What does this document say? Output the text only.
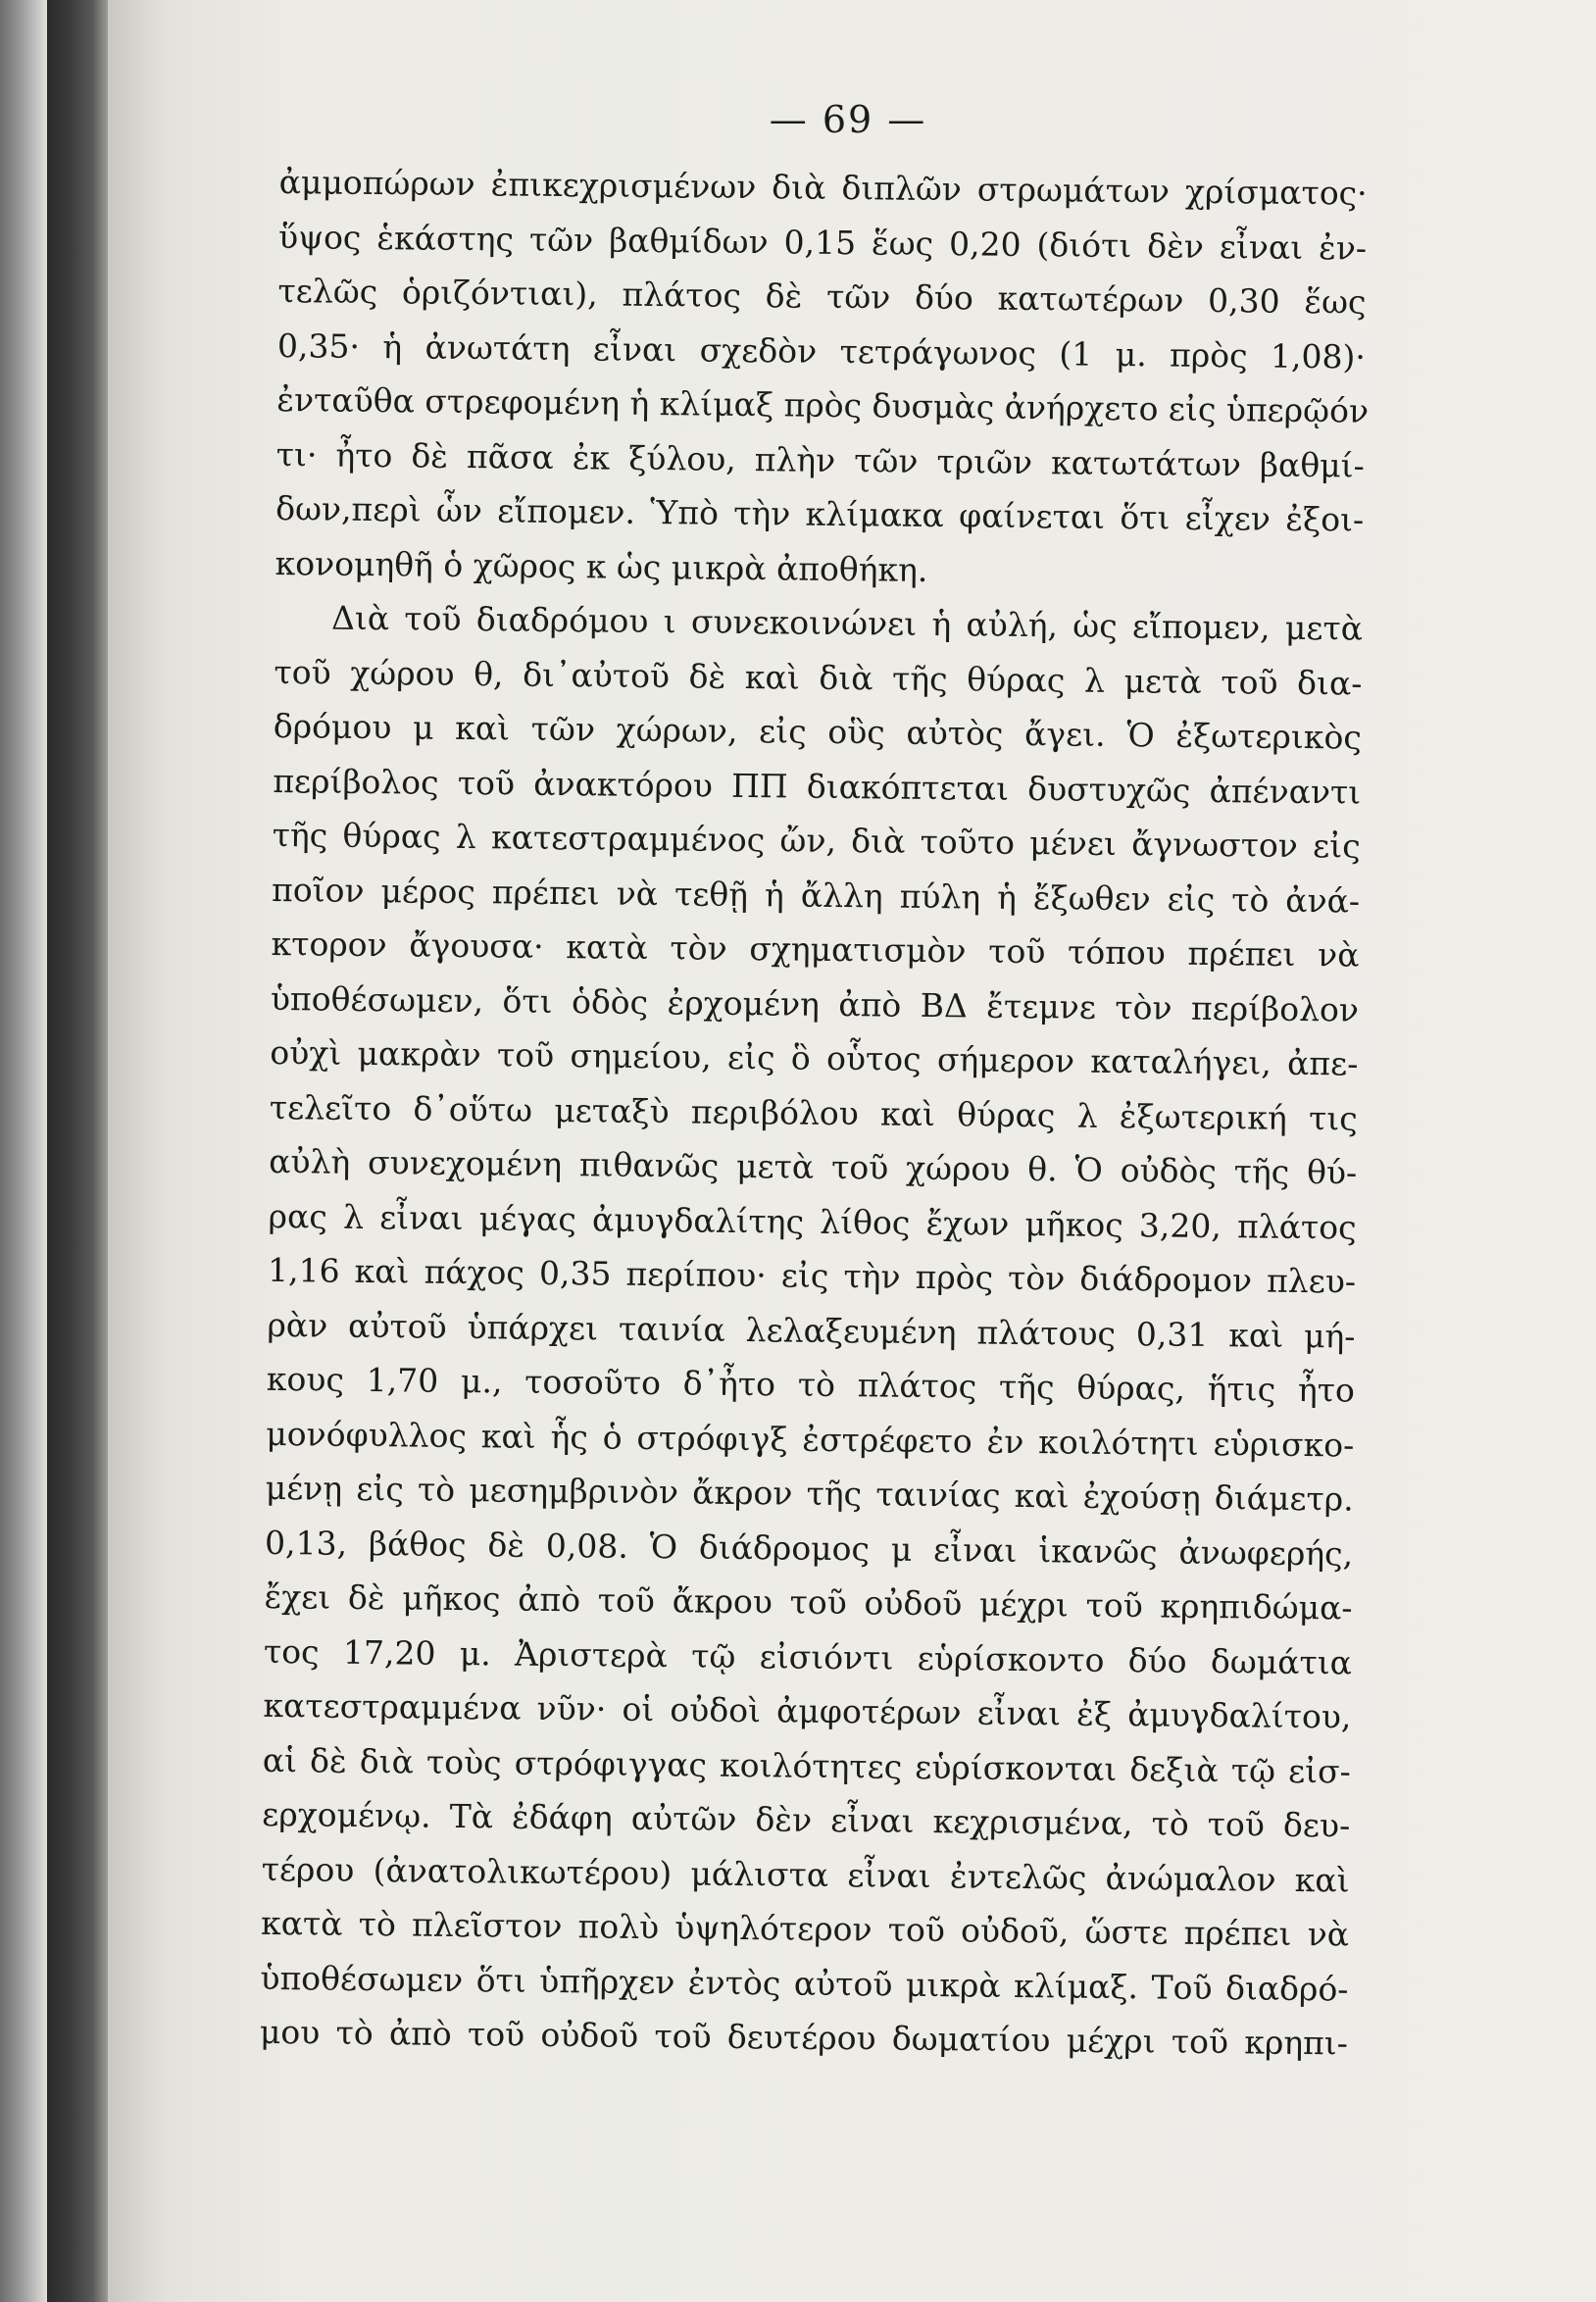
— 69 —
ἀμμοπώρων ἐπικεχρισμένων διὰ διπλῶν στρωμάτων χρίσματος·
ὕψος ἑκάστης τῶν βαθμίδων 0,15 ἕως 0,20 (διότι δὲν εἶναι ἐν-
τελῶς ὁριζόντιαι), πλάτος δὲ τῶν δύο κατωτέρων 0,30 ἕως
0,35· ἡ ἀνωτάτη εἶναι σχεδὸν τετράγωνος (1 μ. πρὸς 1,08)·
ἐνταῦθα στρεφομένη ἡ κλίμαξ πρὸς δυσμὰς ἀνήρχετο εἰς ὑπερῷόν
τι· ἦτο δὲ πᾶσα ἐκ ξύλου, πλὴν τῶν τριῶν κατωτάτων βαθμί-
δων,περὶ ὧν εἴπομεν. Ὑπὸ τὴν κλίμακα φαίνεται ὅτι εἶχεν ἐξοι-
κονομηθῆ ὁ χῶρος κ ὡς μικρὰ ἀποθήκη.
Διὰ τοῦ διαδρόμου ι συνεκοινώνει ἡ αὐλή, ὡς εἴπομεν, μετὰ
τοῦ χώρου θ, δι᾽αὐτοῦ δὲ καὶ διὰ τῆς θύρας λ μετὰ τοῦ δια-
δρόμου μ καὶ τῶν χώρων, εἰς οὓς αὐτὸς ἄγει. Ὁ ἐξωτερικὸς
περίβολος τοῦ ἀνακτόρου ΠΠ διακόπτεται δυστυχῶς ἀπέναντι
τῆς θύρας λ κατεστραμμένος ὤν, διὰ τοῦτο μένει ἄγνωστον εἰς
ποῖον μέρος πρέπει νὰ τεθῇ ἡ ἄλλη πύλη ἡ ἔξωθεν εἰς τὸ ἀνά-
κτορον ἄγουσα· κατὰ τὸν σχηματισμὸν τοῦ τόπου πρέπει νὰ
ὑποθέσωμεν, ὅτι ὁδὸς ἐρχομένη ἀπὸ ΒΔ ἔτεμνε τὸν περίβολον
οὐχὶ μακρὰν τοῦ σημείου, εἰς ὃ οὗτος σήμερον καταλήγει, ἀπε-
τελεῖτο δ᾽οὕτω μεταξὺ περιβόλου καὶ θύρας λ ἐξωτερική τις
αὐλὴ συνεχομένη πιθανῶς μετὰ τοῦ χώρου θ. Ὁ οὐδὸς τῆς θύ-
ρας λ εἶναι μέγας ἀμυγδαλίτης λίθος ἔχων μῆκος 3,20, πλάτος
1,16 καὶ πάχος 0,35 περίπου· εἰς τὴν πρὸς τὸν διάδρομον πλευ-
ρὰν αὐτοῦ ὑπάρχει ταινία λελαξευμένη πλάτους 0,31 καὶ μή-
κους 1,70 μ., τοσοῦτο δ᾽ἦτο τὸ πλάτος τῆς θύρας, ἥτις ἦτο
μονόφυλλος καὶ ἧς ὁ στρόφιγξ ἐστρέφετο ἐν κοιλότητι εὑρισκο-
μένῃ εἰς τὸ μεσημβρινὸν ἄκρον τῆς ταινίας καὶ ἐχούσῃ διάμετρ.
0,13, βάθος δὲ 0,08. Ὁ διάδρομος μ εἶναι ἱκανῶς ἀνωφερής,
ἔχει δὲ μῆκος ἀπὸ τοῦ ἄκρου τοῦ οὐδοῦ μέχρι τοῦ κρηπιδώμα-
τος 17,20 μ. Ἀριστερὰ τῷ εἰσιόντι εὑρίσκοντο δύο δωμάτια
κατεστραμμένα νῦν· οἱ οὐδοὶ ἀμφοτέρων εἶναι ἐξ ἀμυγδαλίτου,
αἱ δὲ διὰ τοὺς στρόφιγγας κοιλότητες εὑρίσκονται δεξιὰ τῷ εἰσ-
ερχομένῳ. Τὰ ἐδάφη αὐτῶν δὲν εἶναι κεχρισμένα, τὸ τοῦ δευ-
τέρου (ἀνατολικωτέρου) μάλιστα εἶναι ἐντελῶς ἀνώμαλον καὶ
κατὰ τὸ πλεῖστον πολὺ ὑψηλότερον τοῦ οὐδοῦ, ὥστε πρέπει νὰ
ὑποθέσωμεν ὅτι ὑπῆρχεν ἐντὸς αὐτοῦ μικρὰ κλίμαξ. Τοῦ διαδρό-
μου τὸ ἀπὸ τοῦ οὐδοῦ τοῦ δευτέρου δωματίου μέχρι τοῦ κρηπι-
